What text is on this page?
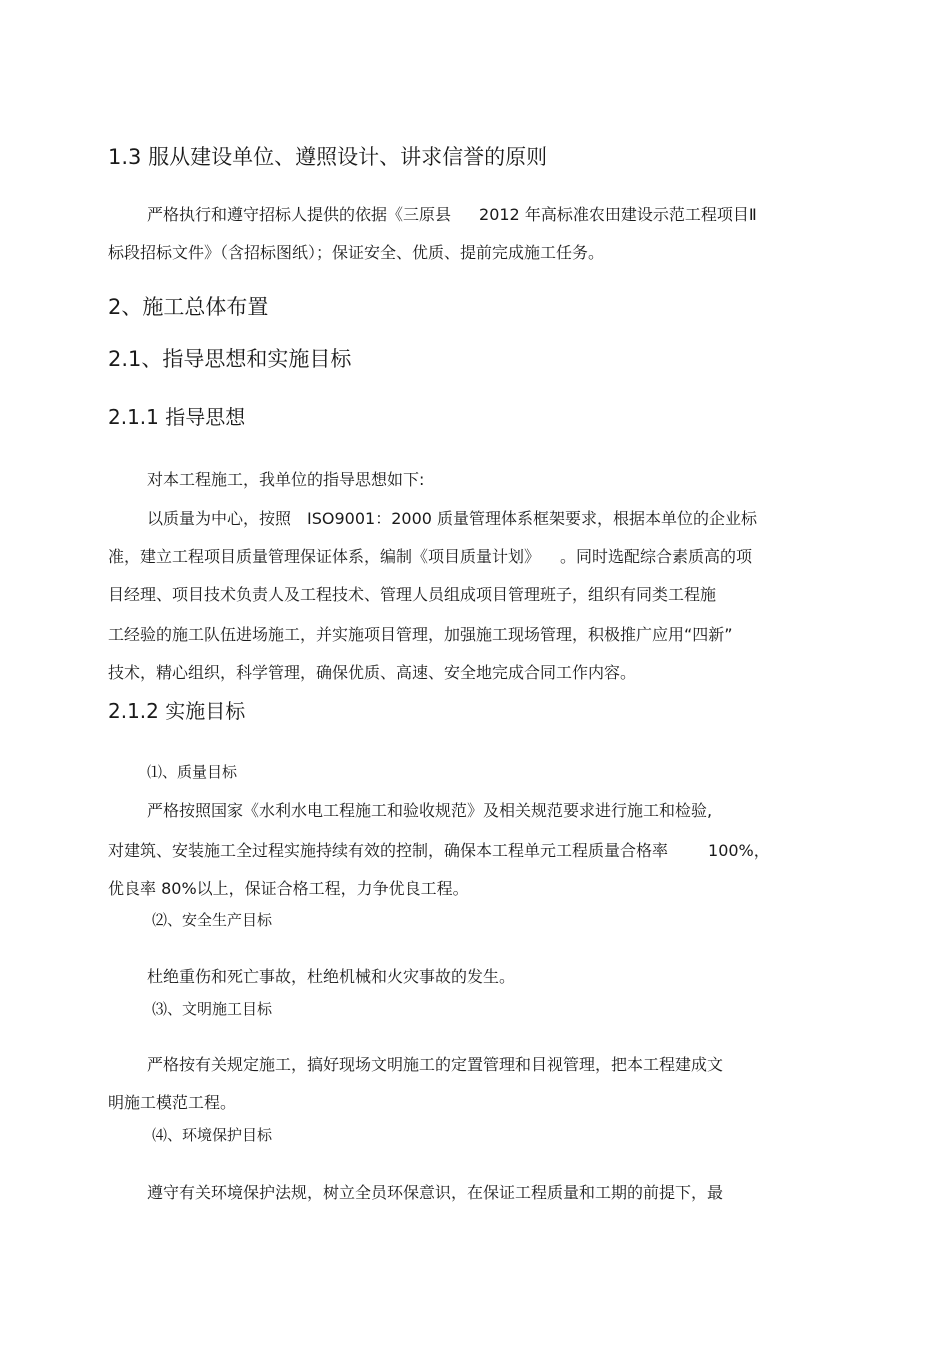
1.3 服从建设单位、遵照设计、讲求信誉的原则
严格执行和遵守招标人提供的依据《三原县 2012 年高标准农田建设示范工程项目Ⅱ
标段招标文件》（含招标图纸）；保证安全、优质、提前完成施工任务。
2、施工总体布置
2.1、指导思想和实施目标
2.1.1 指导思想
对本工程施工，我单位的指导思想如下:
以质量为中心，按照 ISO9001：2000 质量管理体系框架要求，根据本单位的企业标
准，建立工程项目质量管理保证体系，编制《项目质量计划》 。同时选配综合素质高的项
目经理、项目技术负责人及工程技术、管理人员组成项目管理班子，组织有同类工程施
工经验的施工队伍进场施工，并实施项目管理，加强施工现场管理，积极推广应用“四新”
技术，精心组织，科学管理，确保优质、高速、安全地完成合同工作内容。
2.1.2 实施目标
⑴、质量目标
严格按照国家《水利水电工程施工和验收规范》及相关规范要求进行施工和检验,
对建筑、安装施工全过程实施持续有效的控制，确保本工程单元工程质量合格率	100%，
优良率 80%以上，保证合格工程，力争优良工程。
⑵、安全生产目标
杜绝重伤和死亡事故，杜绝机械和火灾事故的发生。
⑶、文明施工目标
严格按有关规定施工，搞好现场文明施工的定置管理和目视管理，把本工程建成文
明施工模范工程。
⑷、环境保护目标
遵守有关环境保护法规，树立全员环保意识，在保证工程质量和工期的前提下，最
